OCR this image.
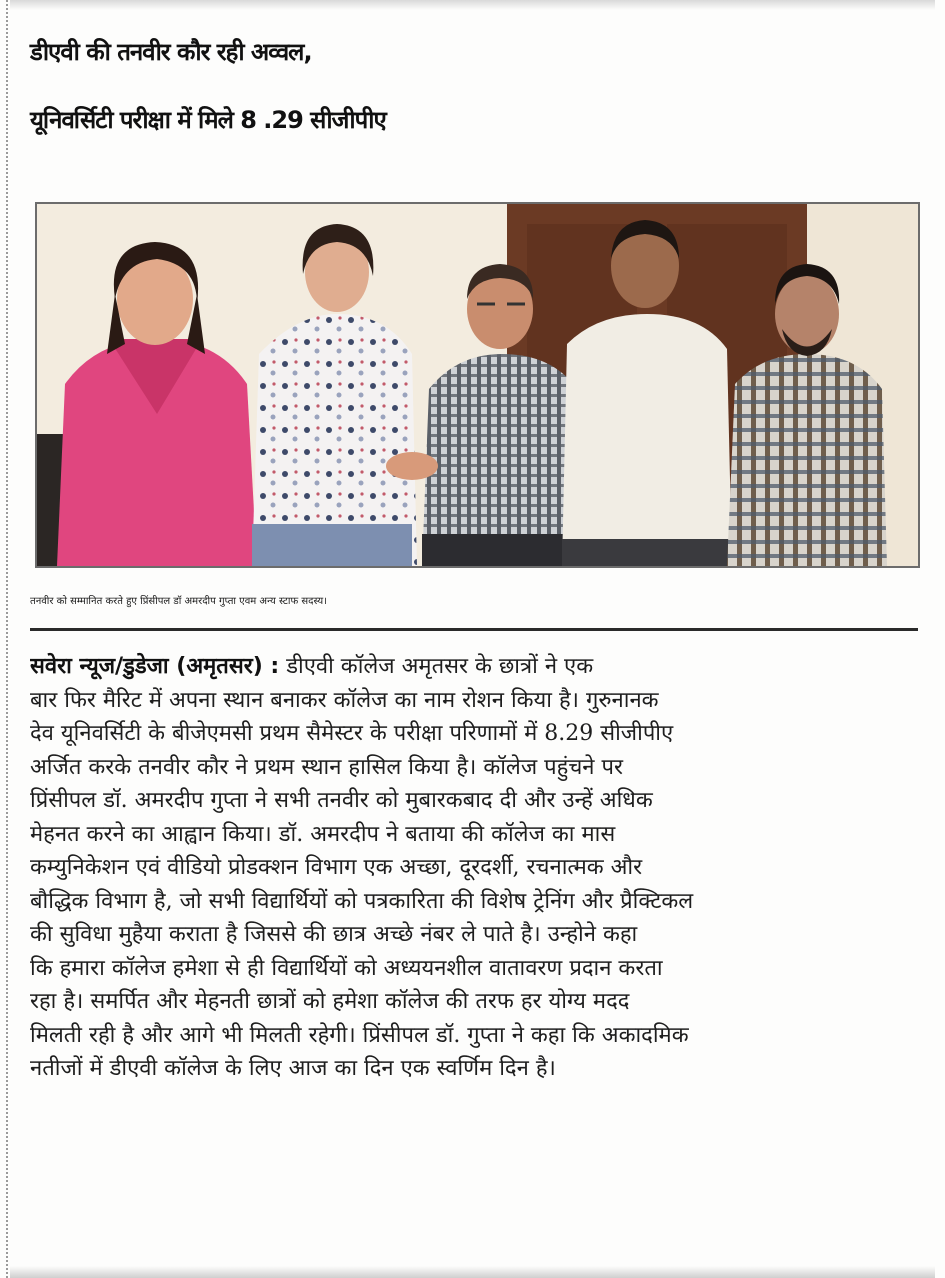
डीएवी की तनवीर कौर रही अव्वल,
यूनिवर्सिटी परीक्षा में मिले 8 .29 सीजीपीए
तनवीर को सम्मानित करते हुए प्रिंसीपल डॉ अमरदीप गुप्ता एवम अन्य स्टाफ सदस्य।
सवेरा न्यूज/डुडेजा (अमृतसर) : डीएवी कॉलेज अमृतसर के छात्रों ने एक
बार फिर मैरिट में अपना स्थान बनाकर कॉलेज का नाम रोशन किया है। गुरुनानक
देव यूनिवर्सिटी के बीजेएमसी प्रथम सैमेस्टर के परीक्षा परिणामों में 8.29 सीजीपीए
अर्जित करके तनवीर कौर ने प्रथम स्थान हासिल किया है। कॉलेज पहुंचने पर
प्रिंसीपल डॉ. अमरदीप गुप्ता ने सभी तनवीर को मुबारकबाद दी और उन्हें अधिक
मेहनत करने का आह्वान किया। डॉ. अमरदीप ने बताया की कॉलेज का मास
कम्युनिकेशन एवं वीडियो प्रोडक्शन विभाग एक अच्छा, दूरदर्शी, रचनात्मक और
बौद्धिक विभाग है, जो सभी विद्यार्थियों को पत्रकारिता की विशेष ट्रेनिंग और प्रैक्टिकल
की सुविधा मुहैया कराता है जिससे की छात्र अच्छे नंबर ले पाते है। उन्होने कहा
कि हमारा कॉलेज हमेशा से ही विद्यार्थियों को अध्ययनशील वातावरण प्रदान करता
रहा है। समर्पित और मेहनती छात्रों को हमेशा कॉलेज की तरफ हर योग्य मदद
मिलती रही है और आगे भी मिलती रहेगी। प्रिंसीपल डॉ. गुप्ता ने कहा कि अकादमिक
नतीजों में डीएवी कॉलेज के लिए आज का दिन एक स्वर्णिम दिन है।
